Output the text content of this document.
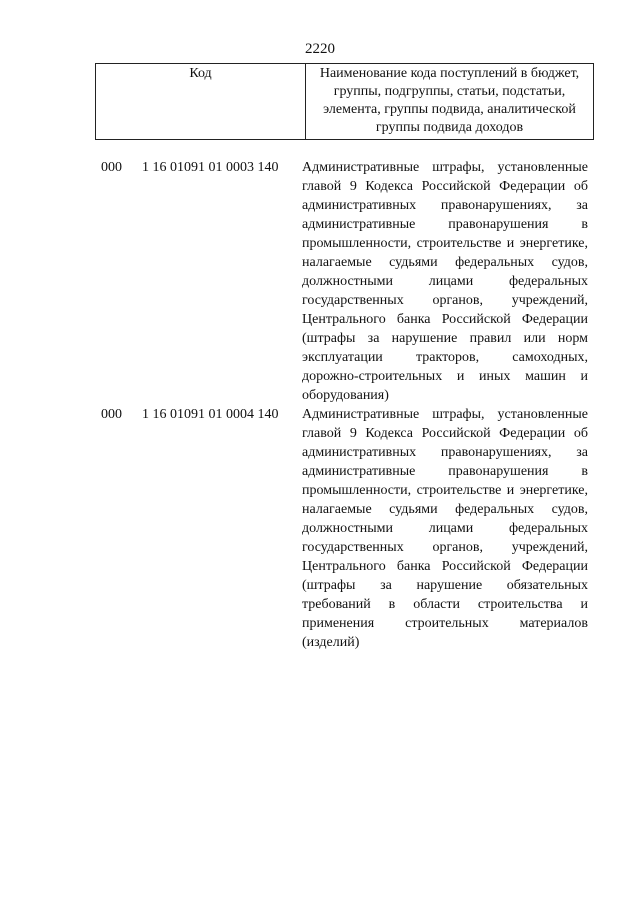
2220
Код	Наименование кода поступлений в бюджет, группы, подгруппы, статьи, подстатьи, элемента, группы подвида, аналитической группы подвида доходов
000 1 16 01091 01 0003 140 Административные штрафы, установленные главой 9 Кодекса Российской Федерации об административных правонарушениях, за административные правонарушения в промышленности, строительстве и энергетике, налагаемые судьями федеральных судов, должностными лицами федеральных государственных органов, учреждений, Центрального банка Российской Федерации (штрафы за нарушение правил или норм эксплуатации тракторов, самоходных, дорожно-строительных и иных машин и оборудования)
000 1 16 01091 01 0004 140 Административные штрафы, установленные главой 9 Кодекса Российской Федерации об административных правонарушениях, за административные правонарушения в промышленности, строительстве и энергетике, налагаемые судьями федеральных судов, должностными лицами федеральных государственных органов, учреждений, Центрального банка Российской Федерации (штрафы за нарушение обязательных требований в области строительства и применения строительных материалов (изделий)
